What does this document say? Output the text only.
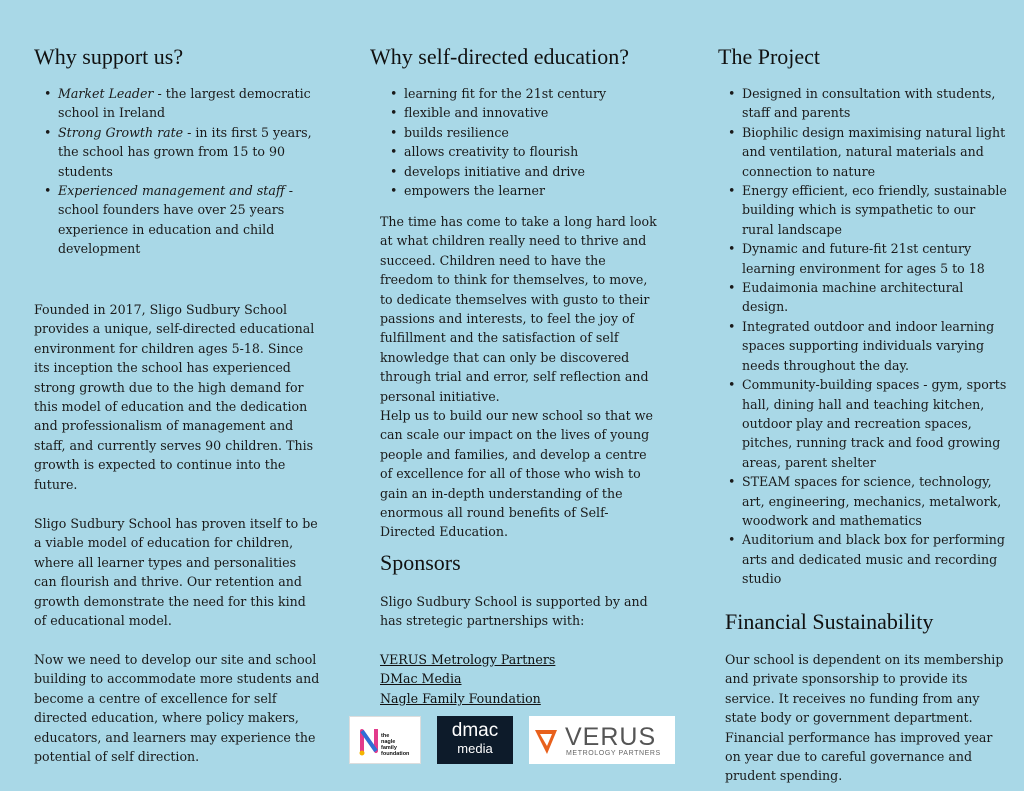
Why support us?
• Market Leader - the largest democratic school in Ireland
• Strong Growth rate - in its first 5 years, the school has grown from 15 to 90 students
• Experienced management and staff - school founders have over 25 years experience in education and child development
Founded in 2017, Sligo Sudbury School provides a unique, self-directed educational environment for children ages 5-18. Since its inception the school has experienced strong growth due to the high demand for this model of education and the dedication and professionalism of management and staff, and currently serves 90 children. This growth is expected to continue into the future.
Sligo Sudbury School has proven itself to be a viable model of education for children, where all learner types and personalities can flourish and thrive. Our retention and growth demonstrate the need for this kind of educational model.
Now we need to develop our site and school building to accommodate more students and become a centre of excellence for self directed education, where policy makers, educators, and learners may experience the potential of self direction.
Why self-directed education?
• learning fit for the 21st century
• flexible and innovative
• builds resilience
• allows creativity to flourish
• develops initiative and drive
• empowers the learner
The time has come to take a long hard look at what children really need to thrive and succeed. Children need to have the freedom to think for themselves, to move, to dedicate themselves with gusto to their passions and interests, to feel the joy of fulfillment and the satisfaction of self knowledge that can only be discovered through trial and error, self reflection and personal initiative.
Help us to build our new school so that we can scale our impact on the lives of young people and families, and develop a centre of excellence for all of those who wish to gain an in-depth understanding of the enormous all round benefits of Self-Directed Education.
Sponsors
Sligo Sudbury School is supported by and has stretegic partnerships with:
VERUS Metrology Partners
DMac Media
Nagle Family Foundation
the
nagle
family
foundation
dmac
media	VERUS
METROLOGY PARTNERS
The Project
• Designed in consultation with students, staff and parents
• Biophilic design maximising natural light and ventilation, natural materials and connection to nature
• Energy efficient, eco friendly, sustainable building which is sympathetic to our rural landscape
• Dynamic and future-fit 21st century learning environment for ages 5 to 18
• Eudaimonia machine architectural design.
• Integrated outdoor and indoor learning spaces supporting individuals varying needs throughout the day.
• Community-building spaces - gym, sports hall, dining hall and teaching kitchen, outdoor play and recreation spaces, pitches, running track and food growing areas, parent shelter
• STEAM spaces for science, technology, art, engineering, mechanics, metalwork, woodwork and mathematics
• Auditorium and black box for performing arts and dedicated music and recording studio
Financial Sustainability
Our school is dependent on its membership and private sponsorship to provide its service. It receives no funding from any state body or government department. Financial performance has improved year on year due to careful governance and prudent spending.
